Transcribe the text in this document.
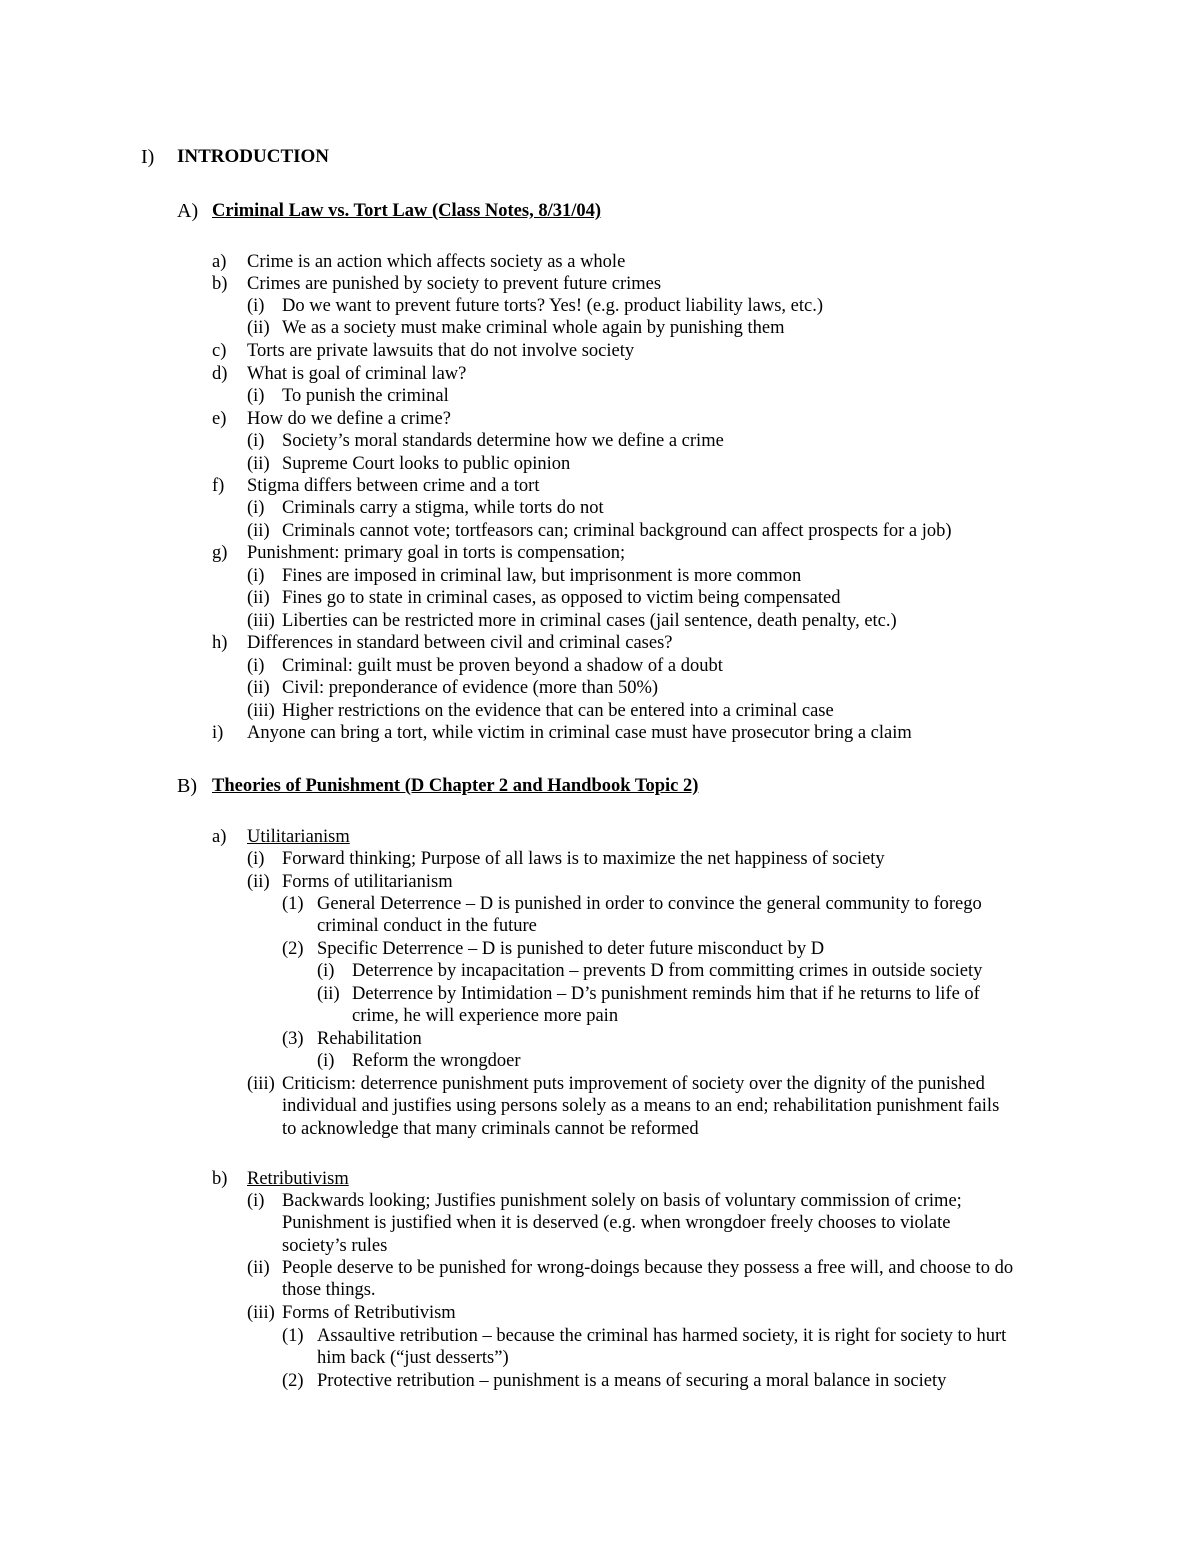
I) INTRODUCTION
A) Criminal Law vs. Tort Law (Class Notes, 8/31/04)
a) Crime is an action which affects society as a whole
b) Crimes are punished by society to prevent future crimes
(i) Do we want to prevent future torts? Yes! (e.g. product liability laws, etc.)
(ii) We as a society must make criminal whole again by punishing them
c) Torts are private lawsuits that do not involve society
d) What is goal of criminal law?
(i) To punish the criminal
e) How do we define a crime?
(i) Society’s moral standards determine how we define a crime
(ii) Supreme Court looks to public opinion
f) Stigma differs between crime and a tort
(i) Criminals carry a stigma, while torts do not
(ii) Criminals cannot vote; tortfeasors can; criminal background can affect prospects for a job)
g) Punishment: primary goal in torts is compensation;
(i) Fines are imposed in criminal law, but imprisonment is more common
(ii) Fines go to state in criminal cases, as opposed to victim being compensated
(iii) Liberties can be restricted more in criminal cases (jail sentence, death penalty, etc.)
h) Differences in standard between civil and criminal cases?
(i) Criminal: guilt must be proven beyond a shadow of a doubt
(ii) Civil: preponderance of evidence (more than 50%)
(iii) Higher restrictions on the evidence that can be entered into a criminal case
i) Anyone can bring a tort, while victim in criminal case must have prosecutor bring a claim
B) Theories of Punishment (D Chapter 2 and Handbook Topic 2)
a) Utilitarianism
(i) Forward thinking; Purpose of all laws is to maximize the net happiness of society
(ii) Forms of utilitarianism
(1) General Deterrence – D is punished in order to convince the general community to forego
criminal conduct in the future
(2) Specific Deterrence – D is punished to deter future misconduct by D
(i) Deterrence by incapacitation – prevents D from committing crimes in outside society
(ii) Deterrence by Intimidation – D’s punishment reminds him that if he returns to life of
crime, he will experience more pain
(3) Rehabilitation
(i) Reform the wrongdoer
(iii) Criticism: deterrence punishment puts improvement of society over the dignity of the punished
individual and justifies using persons solely as a means to an end; rehabilitation punishment fails
to acknowledge that many criminals cannot be reformed
b) Retributivism
(i) Backwards looking; Justifies punishment solely on basis of voluntary commission of crime;
Punishment is justified when it is deserved (e.g. when wrongdoer freely chooses to violate
society’s rules
(ii) People deserve to be punished for wrong-doings because they possess a free will, and choose to do
those things.
(iii) Forms of Retributivism
(1) Assaultive retribution – because the criminal has harmed society, it is right for society to hurt
him back (“just desserts”)
(2) Protective retribution – punishment is a means of securing a moral balance in society
